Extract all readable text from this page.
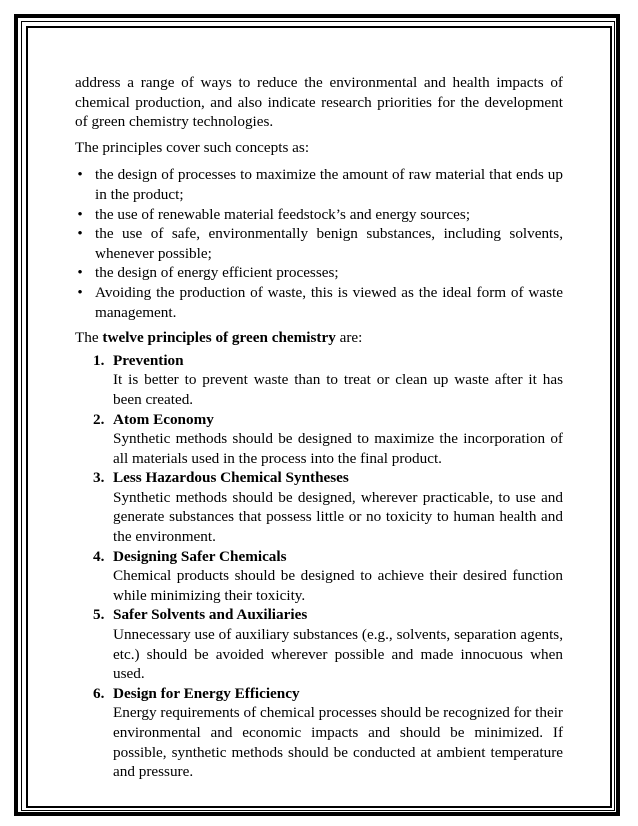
address a range of ways to reduce the environmental and health impacts of chemical production, and also indicate research priorities for the development of green chemistry technologies.

The principles cover such concepts as:

• the design of processes to maximize the amount of raw material that ends up in the product;
• the use of renewable material feedstock’s and energy sources;
• the use of safe, environmentally benign substances, including solvents, whenever possible;
• the design of energy efficient processes;
• Avoiding the production of waste, this is viewed as the ideal form of waste management.

The twelve principles of green chemistry are:

1. Prevention
It is better to prevent waste than to treat or clean up waste after it has been created.
2. Atom Economy
Synthetic methods should be designed to maximize the incorporation of all materials used in the process into the final product.
3. Less Hazardous Chemical Syntheses
Synthetic methods should be designed, wherever practicable, to use and generate substances that possess little or no toxicity to human health and the environment.
4. Designing Safer Chemicals
Chemical products should be designed to achieve their desired function while minimizing their toxicity.
5. Safer Solvents and Auxiliaries
Unnecessary use of auxiliary substances (e.g., solvents, separation agents, etc.) should be avoided wherever possible and made innocuous when used.
6. Design for Energy Efficiency
Energy requirements of chemical processes should be recognized for their environmental and economic impacts and should be minimized. If possible, synthetic methods should be conducted at ambient temperature and pressure.
